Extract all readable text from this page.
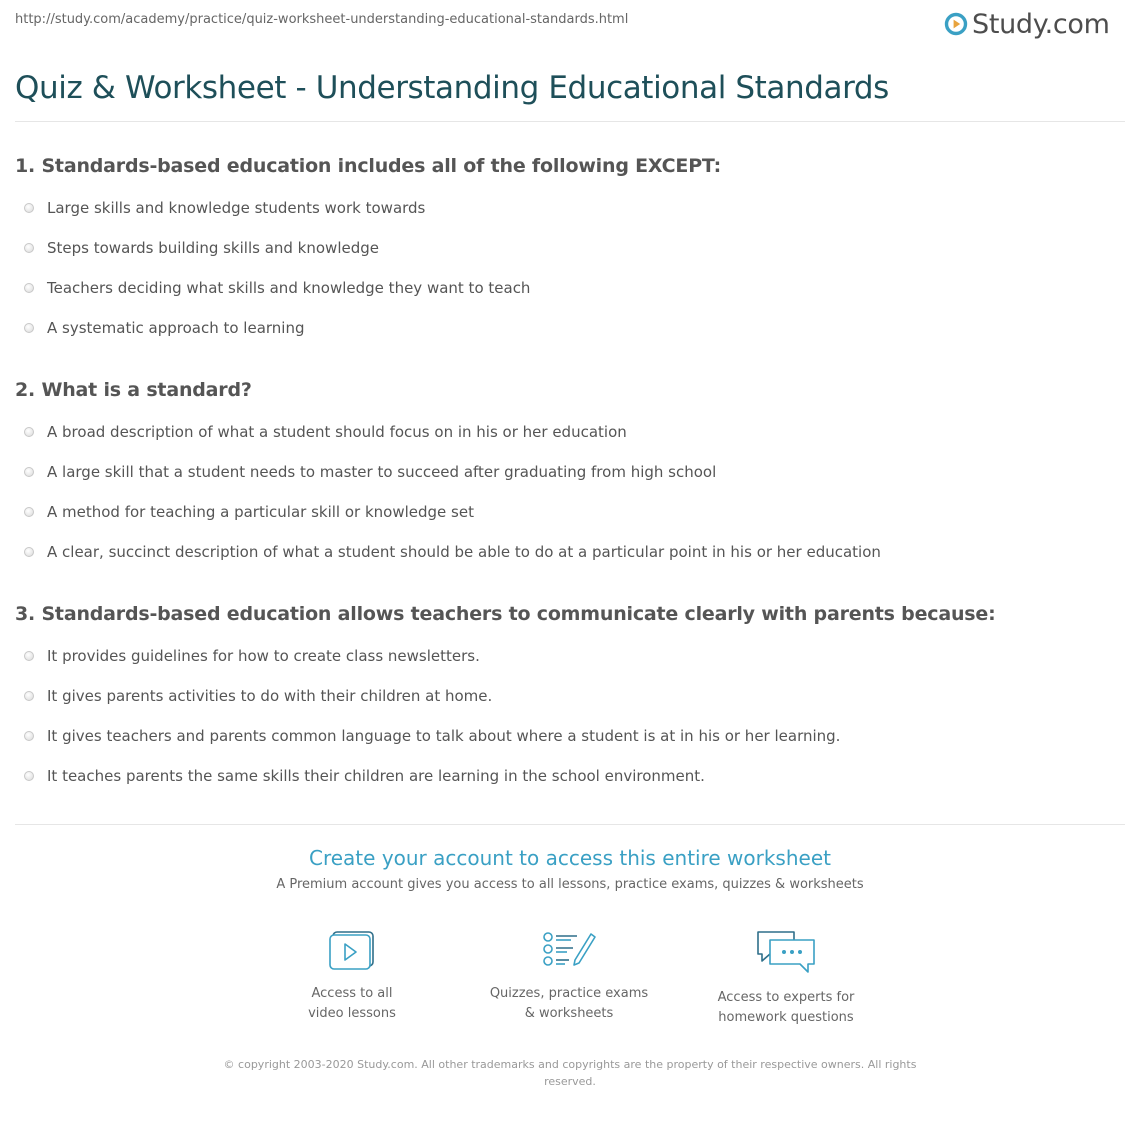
http://study.com/academy/practice/quiz-worksheet-understanding-educational-standards.html	Study.com
Quiz & Worksheet - Understanding Educational Standards
1. Standards-based education includes all of the following EXCEPT:
Large skills and knowledge students work towards
Steps towards building skills and knowledge
Teachers deciding what skills and knowledge they want to teach
A systematic approach to learning
2. What is a standard?
A broad description of what a student should focus on in his or her education
A large skill that a student needs to master to succeed after graduating from high school
A method for teaching a particular skill or knowledge set
A clear, succinct description of what a student should be able to do at a particular point in his or her education
3. Standards-based education allows teachers to communicate clearly with parents because:
It provides guidelines for how to create class newsletters.
It gives parents activities to do with their children at home.
It gives teachers and parents common language to talk about where a student is at in his or her learning.
It teaches parents the same skills their children are learning in the school environment.
Create your account to access this entire worksheet
A Premium account gives you access to all lessons, practice exams, quizzes & worksheets
Access to all
video lessons
Quizzes, practice exams
& worksheets
Access to experts for
homework questions
© copyright 2003-2020 Study.com. All other trademarks and copyrights are the property of their respective owners. All rights reserved.
